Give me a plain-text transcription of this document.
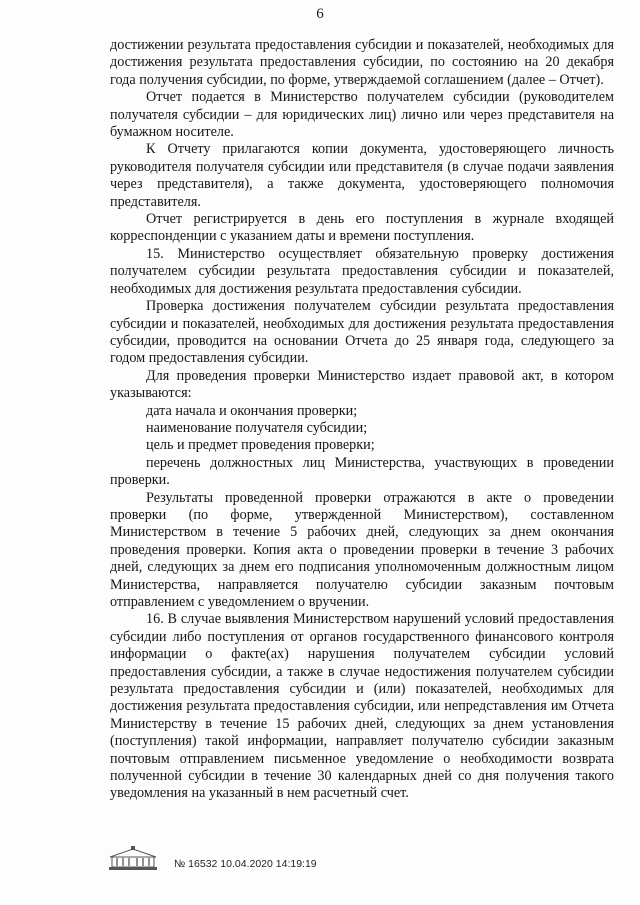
6

достижении результата предоставления субсидии и показателей, необходимых для достижения результата предоставления субсидии, по состоянию на 20 декабря года получения субсидии, по форме, утверждаемой соглашением (далее – Отчет).

Отчет подается в Министерство получателем субсидии (руководителем получателя субсидии – для юридических лиц) лично или через представителя на бумажном носителе.

К Отчету прилагаются копии документа, удостоверяющего личность руководителя получателя субсидии или представителя (в случае подачи заявления через представителя), а также документа, удостоверяющего полномочия представителя.

Отчет регистрируется в день его поступления в журнале входящей корреспонденции с указанием даты и времени поступления.

15. Министерство осуществляет обязательную проверку достижения получателем субсидии результата предоставления субсидии и показателей, необходимых для достижения результата предоставления субсидии.

Проверка достижения получателем субсидии результата предоставления субсидии и показателей, необходимых для достижения результата предоставления субсидии, проводится на основании Отчета до 25 января года, следующего за годом предоставления субсидии.

Для проведения проверки Министерство издает правовой акт, в котором указываются:

дата начала и окончания проверки;

наименование получателя субсидии;

цель и предмет проведения проверки;

перечень должностных лиц Министерства, участвующих в проведении проверки.

Результаты проведенной проверки отражаются в акте о проведении проверки (по форме, утвержденной Министерством), составленном Министерством в течение 5 рабочих дней, следующих за днем окончания проведения проверки. Копия акта о проведении проверки в течение 3 рабочих дней, следующих за днем его подписания уполномоченным должностным лицом Министерства, направляется получателю субсидии заказным почтовым отправлением с уведомлением о вручении.

16. В случае выявления Министерством нарушений условий предоставления субсидии либо поступления от органов государственного финансового контроля информации о факте(ах) нарушения получателем субсидии условий предоставления субсидии, а также в случае недостижения получателем субсидии результата предоставления субсидии и (или) показателей, необходимых для достижения результата предоставления субсидии, или непредставления им Отчета Министерству в течение 15 рабочих дней, следующих за днем установления (поступления) такой информации, направляет получателю субсидии заказным почтовым отправлением письменное уведомление о необходимости возврата полученной субсидии в течение 30 календарных дней со дня получения такого уведомления на указанный в нем расчетный счет.

№ 16532 10.04.2020 14:19:19
